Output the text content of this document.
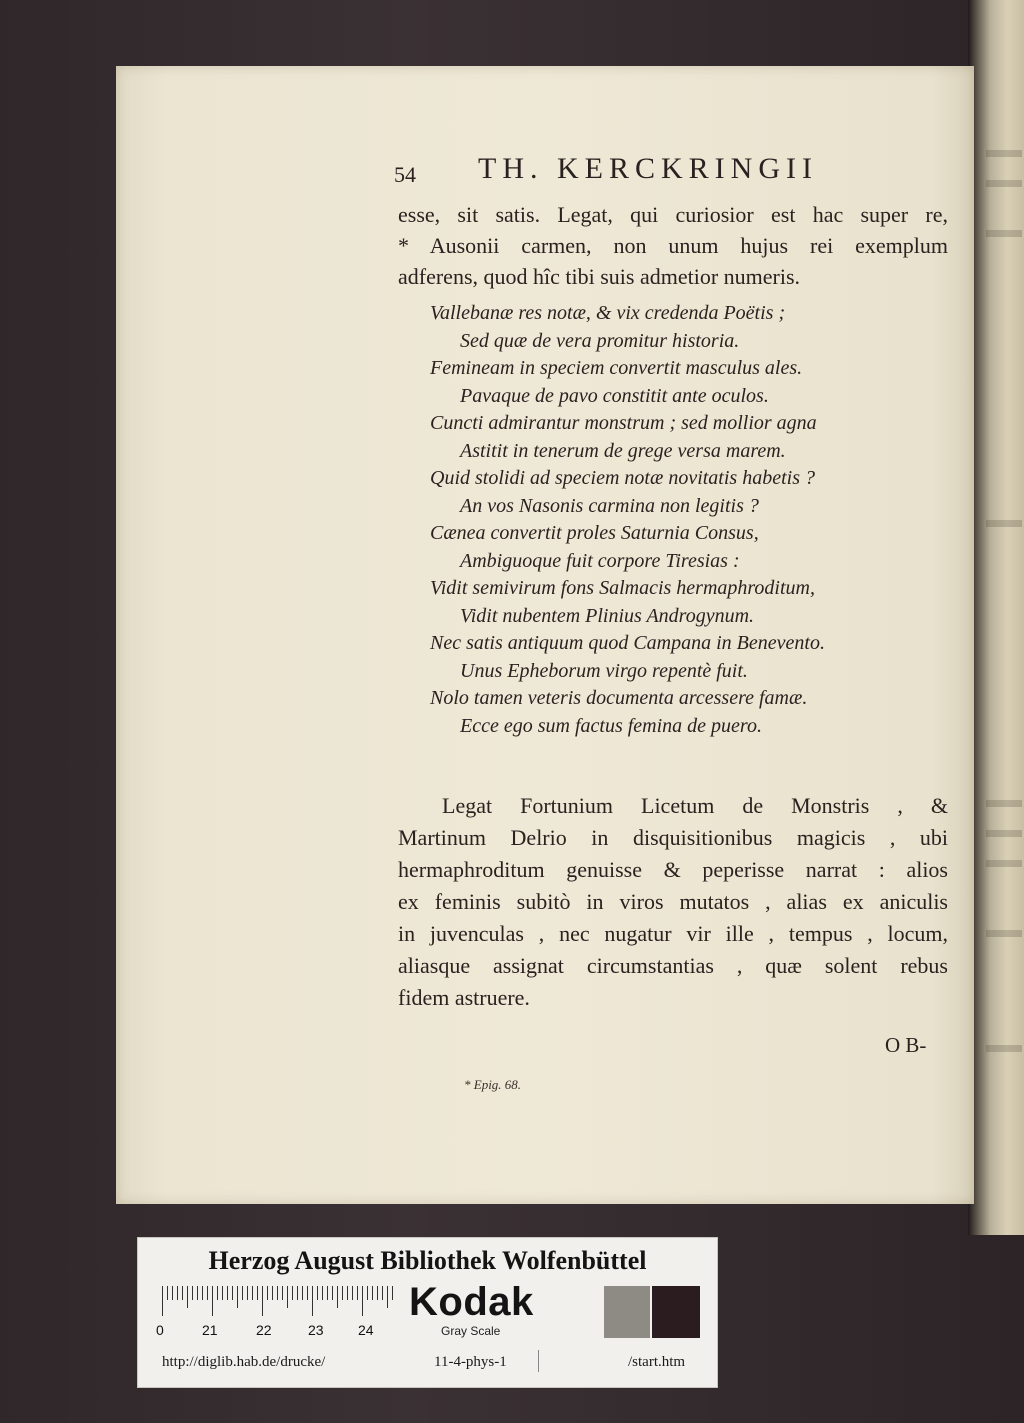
54 TH. KERCKRINGII

esse, sit satis. Legat, qui curiosior est hac super re,
* Ausonii carmen, non unum hujus rei exemplum
adferens, quod hîc tibi suis admetior numeris.

Vallebanæ res notæ, & vix credenda Poëtis ;
Sed quæ de vera promitur historia.
Femineam in speciem convertit masculus ales.
Pavaque de pavo constitit ante oculos.
Cuncti admirantur monstrum ; sed mollior agna
Astitit in tenerum de grege versa marem.
Quid stolidi ad speciem notæ novitatis habetis ?
An vos Nasonis carmina non legitis ?
Cænea convertit proles Saturnia Consus,
Ambiguoque fuit corpore Tiresias :
Vidit semivirum fons Salmacis hermaphroditum,
Vidit nubentem Plinius Androgynum.
Nec satis antiquum quod Campana in Benevento.
Unus Epheborum virgo repentè fuit.
Nolo tamen veteris documenta arcessere famæ.
Ecce ego sum factus femina de puero.

Legat Fortunium Licetum de Monstris , &
Martinum Delrio in disquisitionibus magicis , ubi
hermaphroditum genuisse & peperisse narrat : alios
ex feminis subitò in viros mutatos , alias ex aniculis
in juvenculas , nec nugatur vir ille , tempus , locum,
aliasque assignat circumstantias , quæ solent rebus
fidem astruere.

O B-
* Epig. 68.
Herzog August Bibliothek Wolfenbüttel
0	21	22	23 24
Kodak
Gray Scale
http://diglib.hab.de/drucke/	11-4-phys-1	/start.htm
